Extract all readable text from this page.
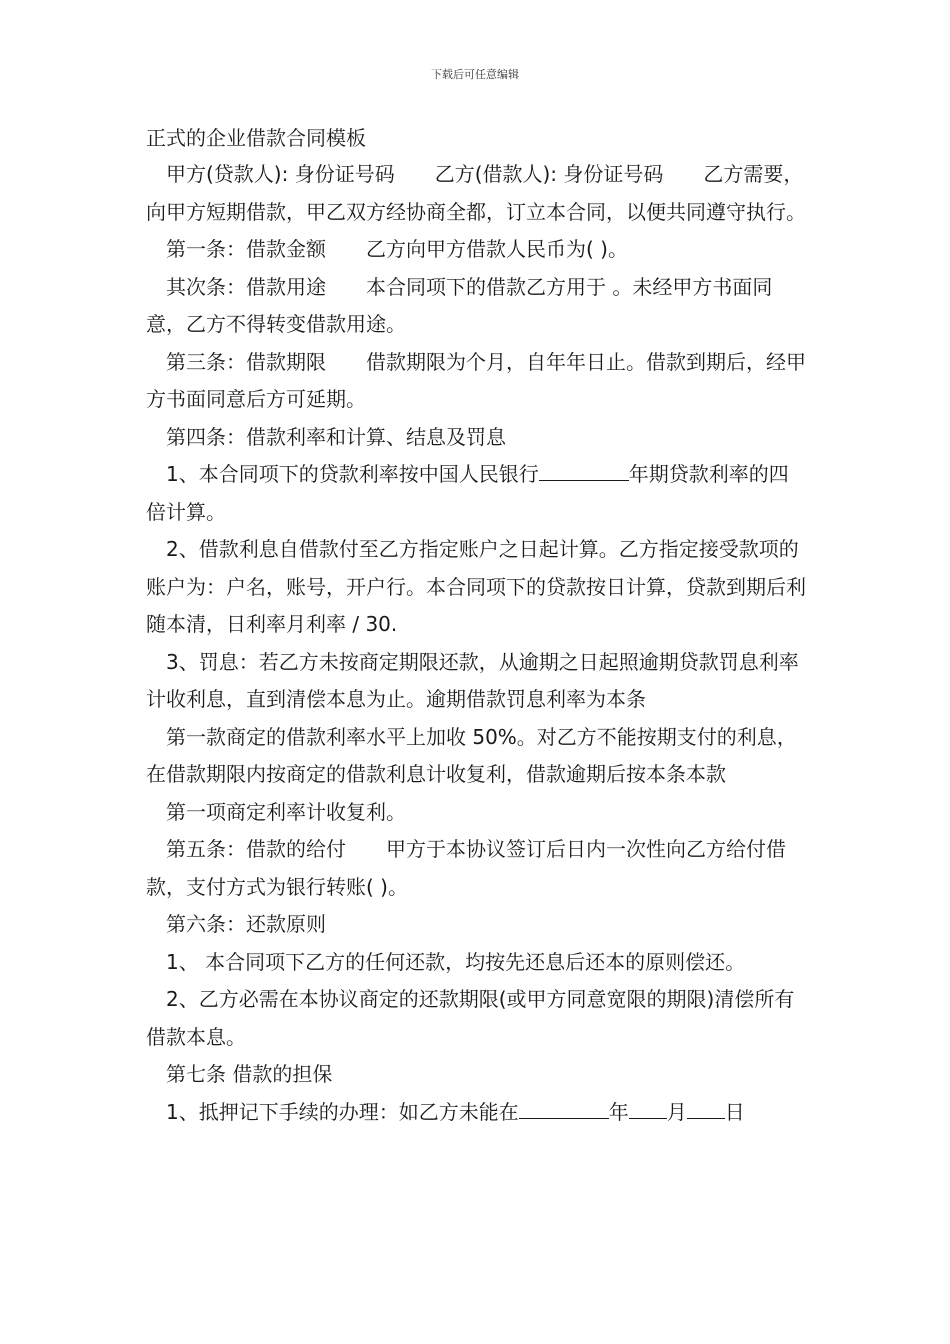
下载后可任意编辑
正式的企业借款合同模板

甲方(贷款人): 身份证号码　　乙方(借款人): 身份证号码　　乙方需要，向甲方短期借款，甲乙双方经协商全都，订立本合同，以便共同遵守执行。

第一条：借款金额　　乙方向甲方借款人民币为( )。

其次条：借款用途　　本合同项下的借款乙方用于 。未经甲方书面同意，乙方不得转变借款用途。

第三条：借款期限　　借款期限为个月，自年年日止。借款到期后，经甲方书面同意后方可延期。

第四条：借款利率和计算、结息及罚息

1、本合同项下的贷款利率按中国人民银行	年期贷款利率的四倍计算。

2、借款利息自借款付至乙方指定账户之日起计算。乙方指定接受款项的账户为：户名，账号，开户行。本合同项下的贷款按日计算，贷款到期后利随本清，日利率月利率 / 30.

3、罚息：若乙方未按商定期限还款，从逾期之日起照逾期贷款罚息利率计收利息，直到清偿本息为止。逾期借款罚息利率为本条

第一款商定的借款利率水平上加收 50%。对乙方不能按期支付的利息，在借款期限内按商定的借款利息计收复利，借款逾期后按本条本款

第一项商定利率计收复利。

第五条：借款的给付　　甲方于本协议签订后日内一次性向乙方给付借款，支付方式为银行转账( )。

第六条：还款原则

1、 本合同项下乙方的任何还款，均按先还息后还本的原则偿还。

2、乙方必需在本协议商定的还款期限(或甲方同意宽限的期限)清偿所有借款本息。

第七条 借款的担保

1、抵押记下手续的办理：如乙方未能在	年 月 日
